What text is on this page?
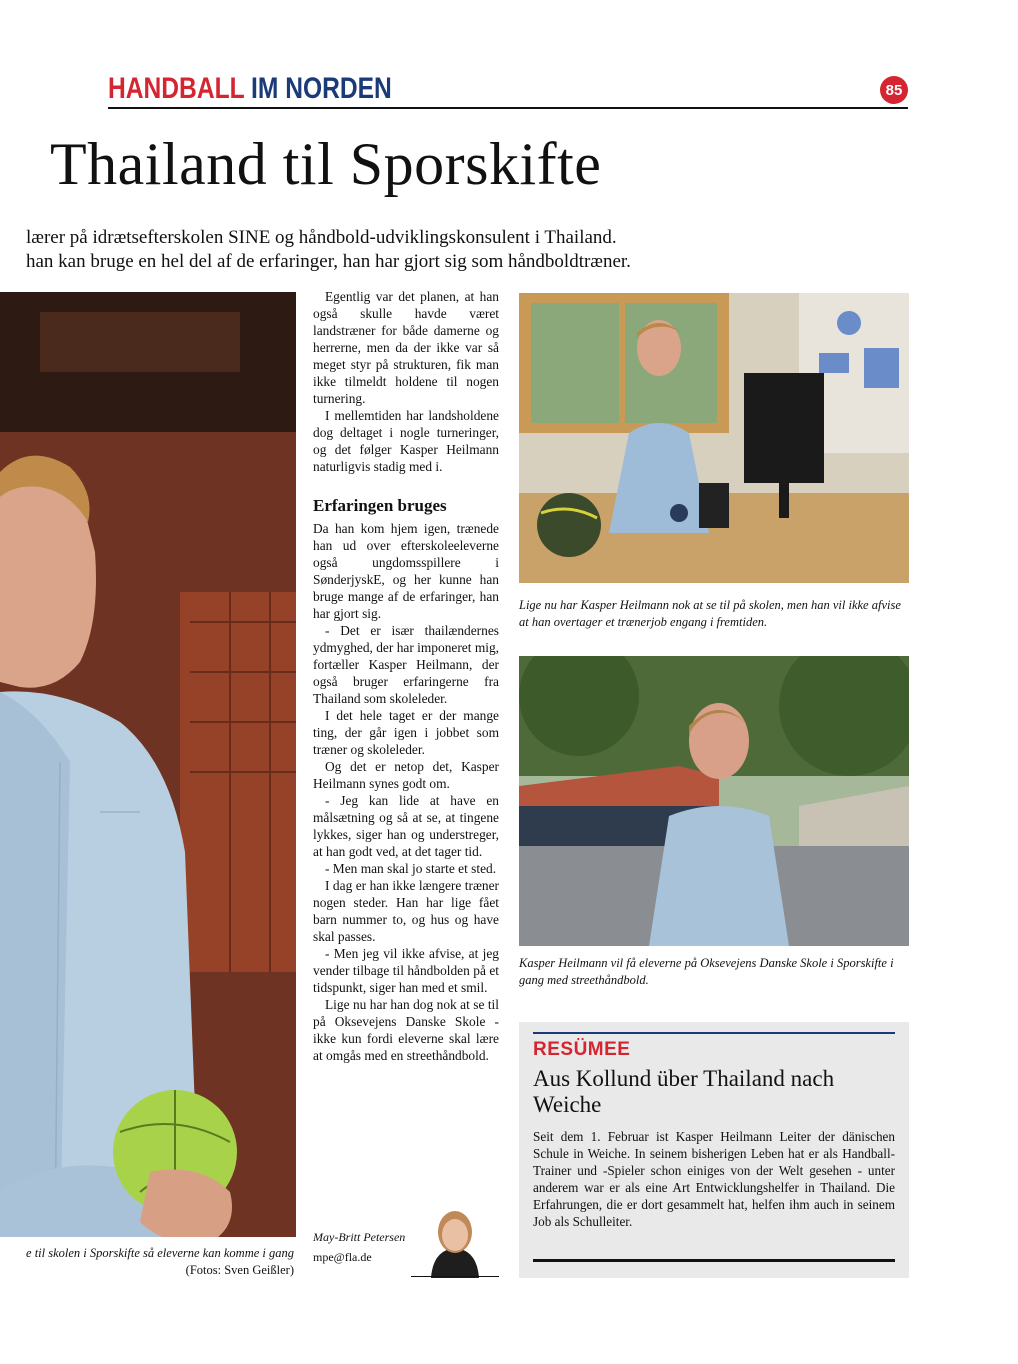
HANDBALL IM NORDEN	85
Thailand til Sporskifte

lærer på idrætsefterskolen SINE og håndbold-udviklingskonsulent i Thailand.

han kan bruge en hel del af de erfaringer, han har gjort sig som håndboldtræner.

e til skolen i Sporskifte så eleverne kan komme i gang
(Fotos: Sven Geißler)

Egentlig var det planen, at han også skulle havde været landstræner for både damerne og herrerne, men da der ikke var så meget styr på strukturen, fik man ikke tilmeldt holdene til nogen turnering.

I mellemtiden har landsholdene dog deltaget i nogle turneringer, og det følger Kasper Heilmann naturligvis stadig med i.

Erfaringen bruges

Da han kom hjem igen, trænede han ud over efterskoleeleverne også ungdomsspillere i SønderjyskE, og her kunne han bruge mange af de erfaringer, han har gjort sig.

- Det er især thailændernes ydmyghed, der har imponeret mig, fortæller Kasper Heilmann, der også bruger erfaringerne fra Thailand som skoleleder.

I det hele taget er der mange ting, der går igen i jobbet som træner og skoleleder.

Og det er netop det, Kasper Heilmann synes godt om.

- Jeg kan lide at have en målsætning og så at se, at tingene lykkes, siger han og understreger, at han godt ved, at det tager tid.

- Men man skal jo starte et sted.

I dag er han ikke længere træner nogen steder. Han har lige fået barn nummer to, og hus og have skal passes.

- Men jeg vil ikke afvise, at jeg vender tilbage til håndbolden på et tidspunkt, siger han med et smil.

Lige nu har han dog nok at se til på Oksevejens Danske Skole - ikke kun fordi eleverne skal lære at omgås med en streethåndbold.

May-Britt Petersen
mpe@fla.de
Lige nu har Kasper Heilmann nok at se til på skolen, men han vil ikke afvise at han overtager et trænerjob engang i fremtiden.
Kasper Heilmann vil få eleverne på Oksevejens Danske Skole i Sporskifte i gang med streethåndbold.
RESÜMEE
Aus Kollund über Thailand nach Weiche
Seit dem 1. Februar ist Kasper Heilmann Leiter der dänischen Schule in Weiche. In seinem bisherigen Leben hat er als Handball-Trainer und -Spieler schon einiges von der Welt gesehen - unter anderem war er als eine Art Entwicklungshelfer in Thailand. Die Erfahrungen, die er dort gesammelt hat, helfen ihm auch in seinem Job als Schulleiter.
